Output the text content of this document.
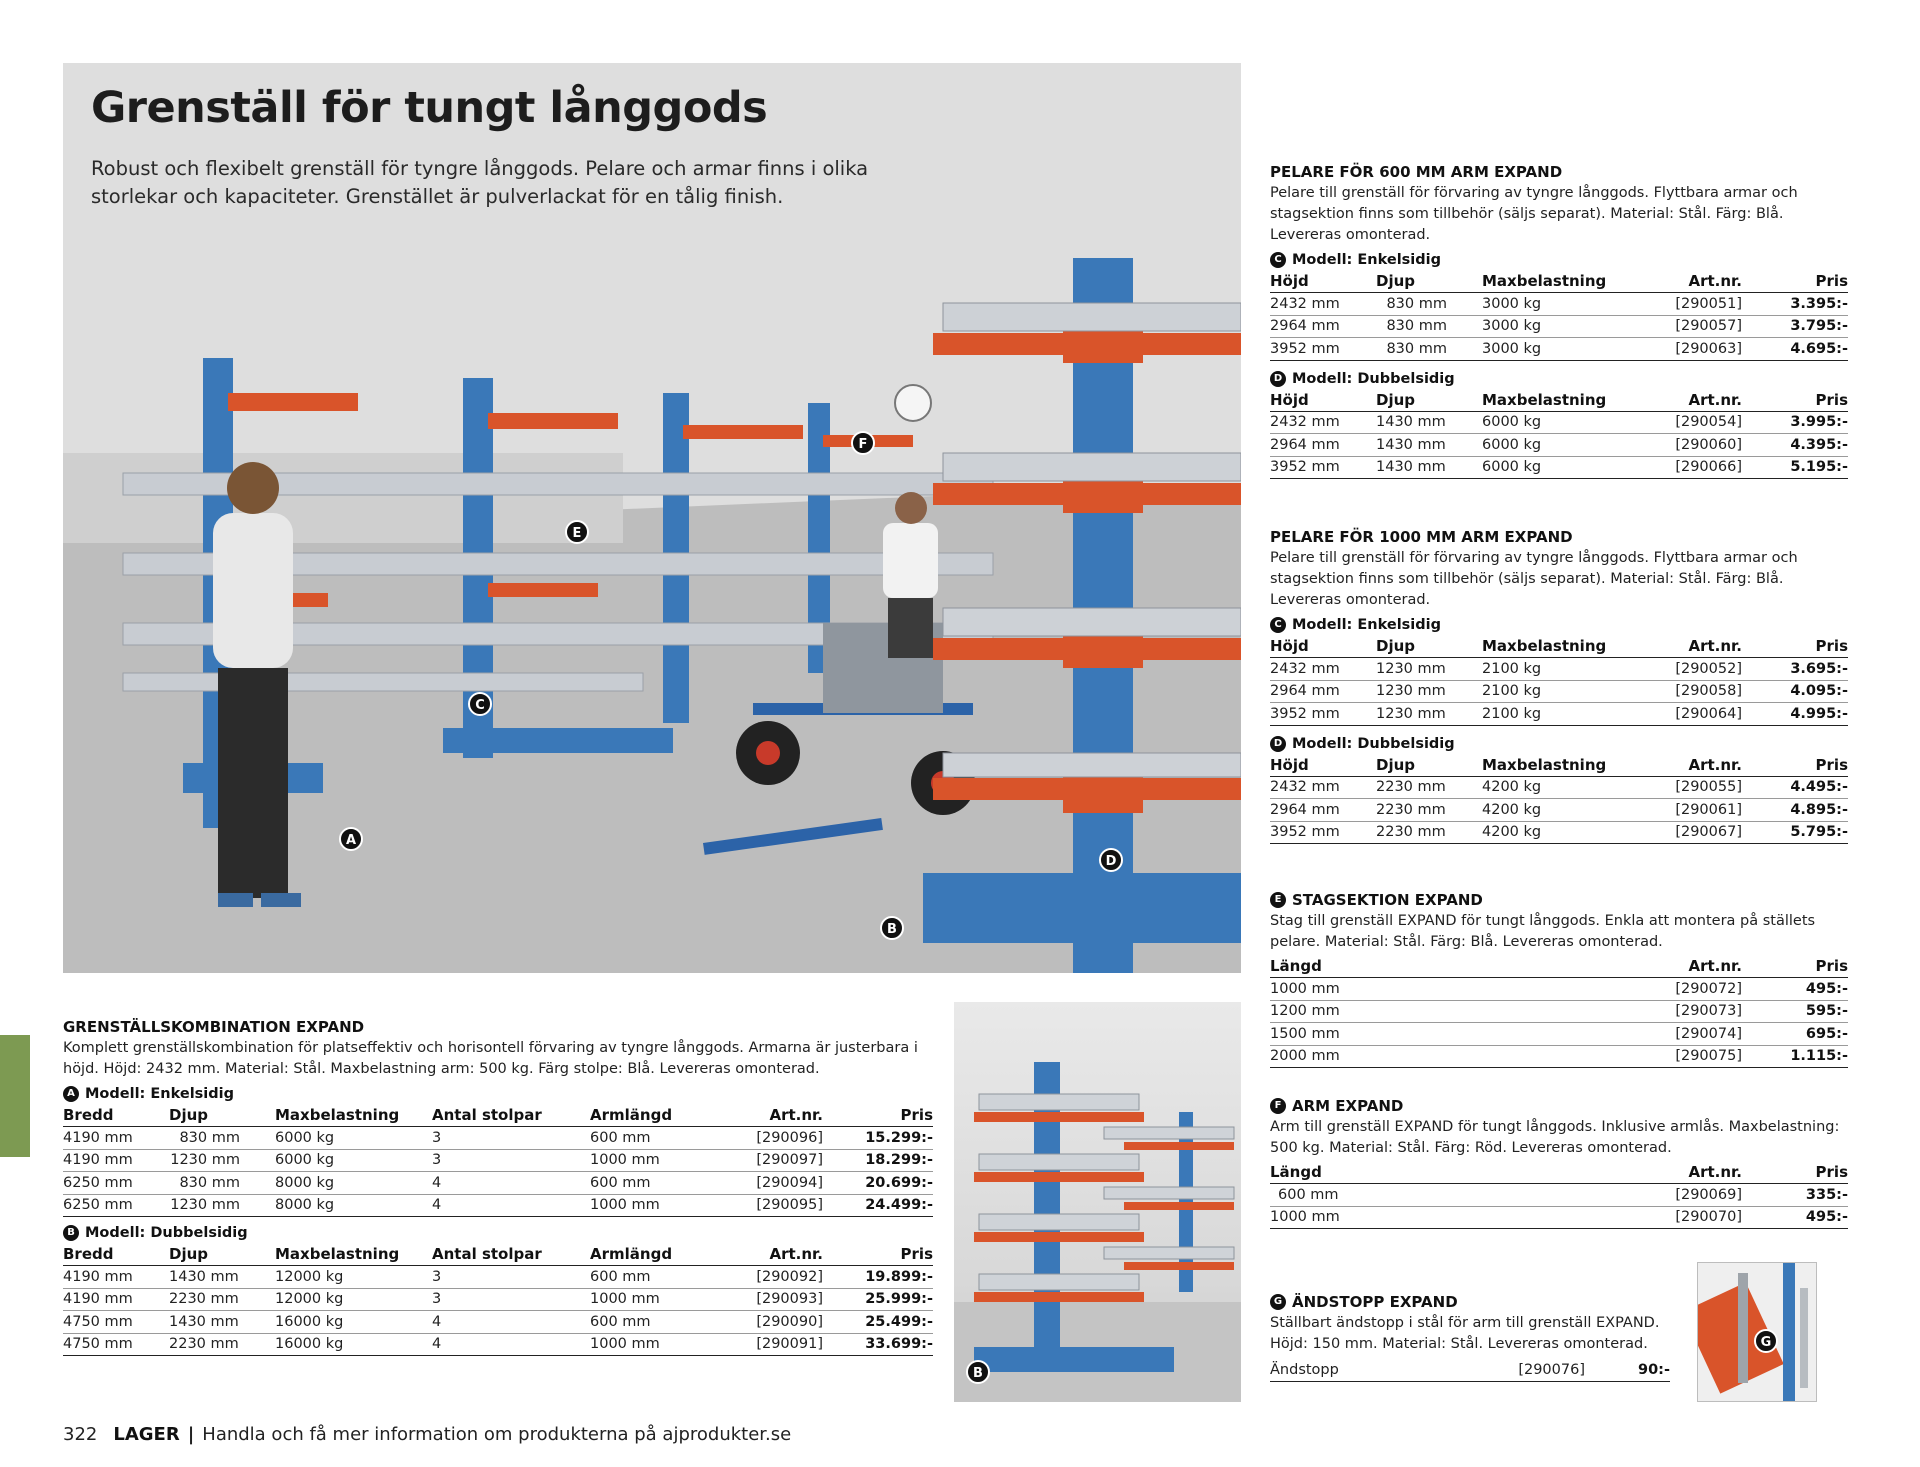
Grenställ för tungt långgods

Robust och flexibelt grenställ för tyngre långgods. Pelare och armar finns i olika storlekar och kapaciteter. Grenstället är pulverlackat för en tålig finish.

A
B
C
D
E
F
B
G
GRENSTÄLLSKOMBINATION EXPAND
Komplett grenställskombination för platseffektiv och horisontell förvaring av tyngre långgods. Armarna är justerbara i höjd. Höjd: 2432 mm. Material: Stål. Maxbelastning arm: 500 kg. Färg stolpe: Blå. Levereras omonterad.
A Modell: Enkelsidig
Bredd	Djup	Maxbelastning	Antal stolpar	Armlängd	Art.nr.	Pris
4190 mm	830 mm	6000 kg	3	600 mm	[290096]	15.299:-
4190 mm	1230 mm	6000 kg	3	1000 mm	[290097]	18.299:-
6250 mm	830 mm	8000 kg	4	600 mm	[290094]	20.699:-
6250 mm	1230 mm	8000 kg	4	1000 mm	[290095]	24.499:-
B Modell: Dubbelsidig
Bredd	Djup	Maxbelastning	Antal stolpar	Armlängd	Art.nr.	Pris
4190 mm	1430 mm	12000 kg	3	600 mm	[290092]	19.899:-
4190 mm	2230 mm	12000 kg	3	1000 mm	[290093]	25.999:-
4750 mm	1430 mm	16000 kg	4	600 mm	[290090]	25.499:-
4750 mm	2230 mm	16000 kg	4	1000 mm	[290091]	33.699:-
PELARE FÖR 600 MM ARM EXPAND
Pelare till grenställ för förvaring av tyngre långgods. Flyttbara armar och stagsektion finns som tillbehör (säljs separat). Material: Stål. Färg: Blå. Levereras omonterad.
C Modell: Enkelsidig
Höjd	Djup	Maxbelastning	Art.nr.	Pris
2432 mm	830 mm	3000 kg	[290051]	3.395:-
2964 mm	830 mm	3000 kg	[290057]	3.795:-
3952 mm	830 mm	3000 kg	[290063]	4.695:-
D Modell: Dubbelsidig
Höjd	Djup	Maxbelastning	Art.nr.	Pris
2432 mm	1430 mm	6000 kg	[290054]	3.995:-
2964 mm	1430 mm	6000 kg	[290060]	4.395:-
3952 mm	1430 mm	6000 kg	[290066]	5.195:-
PELARE FÖR 1000 MM ARM EXPAND
Pelare till grenställ för förvaring av tyngre långgods. Flyttbara armar och stagsektion finns som tillbehör (säljs separat). Material: Stål. Färg: Blå. Levereras omonterad.
C Modell: Enkelsidig
Höjd	Djup	Maxbelastning	Art.nr.	Pris
2432 mm	1230 mm	2100 kg	[290052]	3.695:-
2964 mm	1230 mm	2100 kg	[290058]	4.095:-
3952 mm	1230 mm	2100 kg	[290064]	4.995:-
D Modell: Dubbelsidig
Höjd	Djup	Maxbelastning	Art.nr.	Pris
2432 mm	2230 mm	4200 kg	[290055]	4.495:-
2964 mm	2230 mm	4200 kg	[290061]	4.895:-
3952 mm	2230 mm	4200 kg	[290067]	5.795:-
E STAGSEKTION EXPAND
Stag till grenställ EXPAND för tungt långgods. Enkla att montera på ställets pelare. Material: Stål. Färg: Blå. Levereras omonterad.
Längd	Art.nr.	Pris
1000 mm	[290072]	495:-
1200 mm	[290073]	595:-
1500 mm	[290074]	695:-
2000 mm	[290075]	1.115:-
F ARM EXPAND
Arm till grenställ EXPAND för tungt långgods. Inklusive armlås. Maxbelastning: 500 kg. Material: Stål. Färg: Röd. Levereras omonterad.
Längd	Art.nr.	Pris
600 mm	[290069]	335:-
1000 mm	[290070]	495:-
G ÄNDSTOPP EXPAND
Ställbart ändstopp i stål för arm till grenställ EXPAND. Höjd: 150 mm. Material: Stål. Levereras omonterad.
Ändstopp	[290076]	90:-
322 LAGER | Handla och få mer information om produkterna på ajprodukter.se
